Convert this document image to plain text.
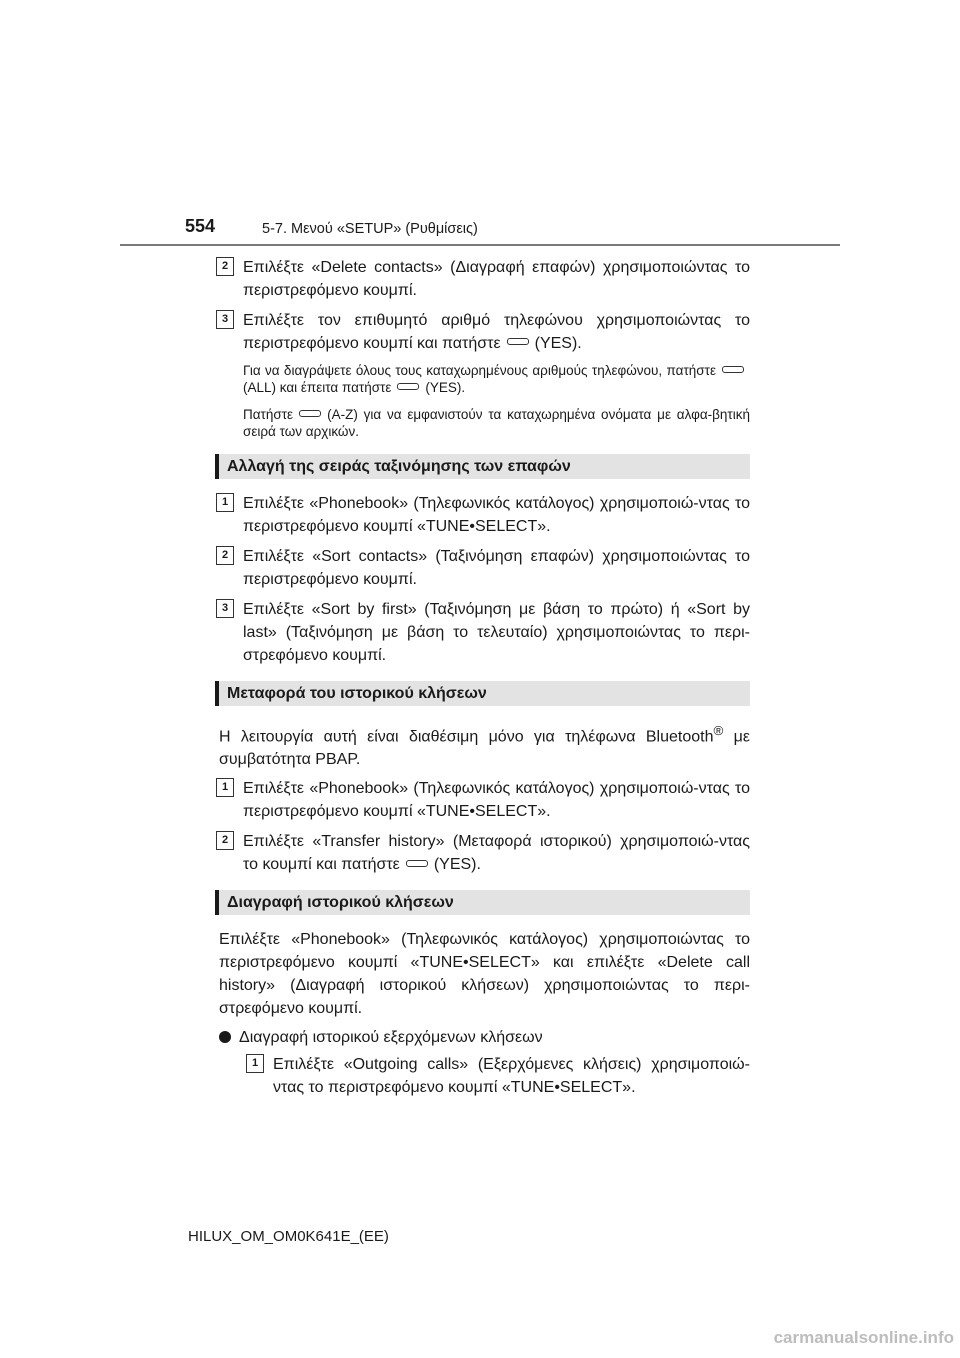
554	5-7. Μενού «SETUP» (Ρυθμίσεις)
2 Επιλέξτε «Delete contacts» (Διαγραφή επαφών) χρησιμοποιώντας το περιστρεφόμενο κουμπί.
3 Επιλέξτε τον επιθυμητό αριθμό τηλεφώνου χρησιμοποιώντας το περιστρεφόμενο κουμπί και πατήστε (YES).
Για να διαγράψετε όλους τους καταχωρημένους αριθμούς τηλεφώνου, πατήστε(ALL) και έπειτα πατήστε	(YES).
Πατήστε	(A-Z) για να εμφανιστούν τα καταχωρημένα ονόματα με αλφα-βητική σειρά των αρχικών.
Αλλαγή της σειράς ταξινόμησης των επαφών
1 Επιλέξτε «Phonebook» (Τηλεφωνικός κατάλογος) χρησιμοποιώ-ντας το περιστρεφόμενο κουμπί «TUNE•SELECT».
2 Επιλέξτε «Sort contacts» (Ταξινόμηση επαφών) χρησιμοποιώντας το περιστρεφόμενο κουμπί.
3 Επιλέξτε «Sort by first» (Ταξινόμηση με βάση το πρώτο) ή «Sort by last» (Ταξινόμηση με βάση το τελευταίο) χρησιμοποιώντας το περι-στρεφόμενο κουμπί.
Μεταφορά του ιστορικού κλήσεων
Η λειτουργία αυτή είναι διαθέσιμη μόνο για τηλέφωνα Bluetooth® με συμβατότητα PBAP.
1 Επιλέξτε «Phonebook» (Τηλεφωνικός κατάλογος) χρησιμοποιώ-ντας το περιστρεφόμενο κουμπί «TUNE•SELECT».
2 Επιλέξτε «Transfer history» (Μεταφορά ιστορικού) χρησιμοποιώ-ντας το κουμπί και πατήστε (YES).
Διαγραφή ιστορικού κλήσεων
Επιλέξτε «Phonebook» (Τηλεφωνικός κατάλογος) χρησιμοποιώντας το περιστρεφόμενο κουμπί «TUNE•SELECT» και επιλέξτε «Delete call history» (Διαγραφή ιστορικού κλήσεων) χρησιμοποιώντας το περι-στρεφόμενο κουμπί.
Διαγραφή ιστορικού εξερχόμενων κλήσεων
1 Επιλέξτε «Outgoing calls» (Εξερχόμενες κλήσεις) χρησιμοποιώ-ντας το περιστρεφόμενο κουμπί «TUNE•SELECT».
HILUX_OM_OM0K641E_(EE)
carmanualsonline.info
